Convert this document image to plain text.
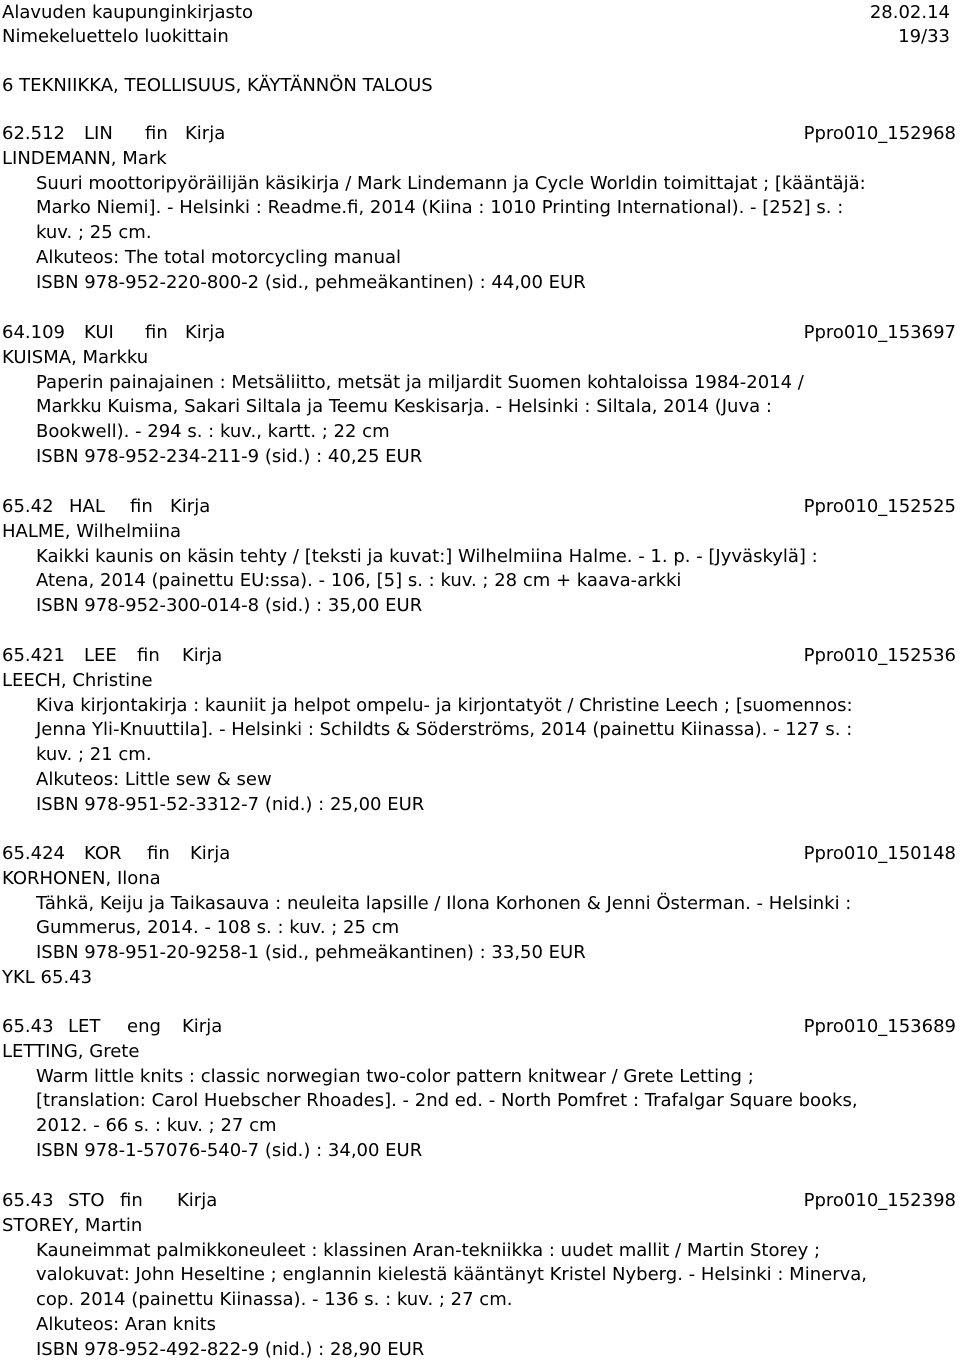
Alavuden kaupunginkirjasto	28.02.14
Nimekeluettelo luokittain	19/33
6 TEKNIIKKA, TEOLLISUUS, KÄYTÄNNÖN TALOUS
62.512 LIN fin Kirja	Ppro010_152968
LINDEMANN, Mark
Suuri moottoripyöräilijän käsikirja / Mark Lindemann ja Cycle Worldin toimittajat ; [kääntäjä:
Marko Niemi]. - Helsinki : Readme.fi, 2014 (Kiina : 1010 Printing International). - [252] s. :
kuv. ; 25 cm.
Alkuteos: The total motorcycling manual
ISBN 978-952-220-800-2 (sid., pehmeäkantinen) : 44,00 EUR
64.109 KUI fin Kirja	Ppro010_153697
KUISMA, Markku
Paperin painajainen : Metsäliitto, metsät ja miljardit Suomen kohtaloissa 1984-2014 /
Markku Kuisma, Sakari Siltala ja Teemu Keskisarja. - Helsinki : Siltala, 2014 (Juva :
Bookwell). - 294 s. : kuv., kartt. ; 22 cm
ISBN 978-952-234-211-9 (sid.) : 40,25 EUR
65.42 HAL fin Kirja	Ppro010_152525
HALME, Wilhelmiina
Kaikki kaunis on käsin tehty / [teksti ja kuvat:] Wilhelmiina Halme. - 1. p. - [Jyväskylä] :
Atena, 2014 (painettu EU:ssa). - 106, [5] s. : kuv. ; 28 cm + kaava-arkki
ISBN 978-952-300-014-8 (sid.) : 35,00 EUR
65.421 LEE fin Kirja	Ppro010_152536
LEECH, Christine
Kiva kirjontakirja : kauniit ja helpot ompelu- ja kirjontatyöt / Christine Leech ; [suomennos:
Jenna Yli-Knuuttila]. - Helsinki : Schildts & Söderströms, 2014 (painettu Kiinassa). - 127 s. :
kuv. ; 21 cm.
Alkuteos: Little sew & sew
ISBN 978-951-52-3312-7 (nid.) : 25,00 EUR
65.424 KOR fin Kirja	Ppro010_150148
KORHONEN, Ilona
Tähkä, Keiju ja Taikasauva : neuleita lapsille / Ilona Korhonen & Jenni Österman. - Helsinki :
Gummerus, 2014. - 108 s. : kuv. ; 25 cm
ISBN 978-951-20-9258-1 (sid., pehmeäkantinen) : 33,50 EUR
YKL 65.43
65.43 LET eng Kirja	Ppro010_153689
LETTING, Grete
Warm little knits : classic norwegian two-color pattern knitwear / Grete Letting ;
[translation: Carol Huebscher Rhoades]. - 2nd ed. - North Pomfret : Trafalgar Square books,
2012. - 66 s. : kuv. ; 27 cm
ISBN 978-1-57076-540-7 (sid.) : 34,00 EUR
65.43 STO fin Kirja	Ppro010_152398
STOREY, Martin
Kauneimmat palmikkoneuleet : klassinen Aran-tekniikka : uudet mallit / Martin Storey ;
valokuvat: John Heseltine ; englannin kielestä kääntänyt Kristel Nyberg. - Helsinki : Minerva,
cop. 2014 (painettu Kiinassa). - 136 s. : kuv. ; 27 cm.
Alkuteos: Aran knits
ISBN 978-952-492-822-9 (nid.) : 28,90 EUR
